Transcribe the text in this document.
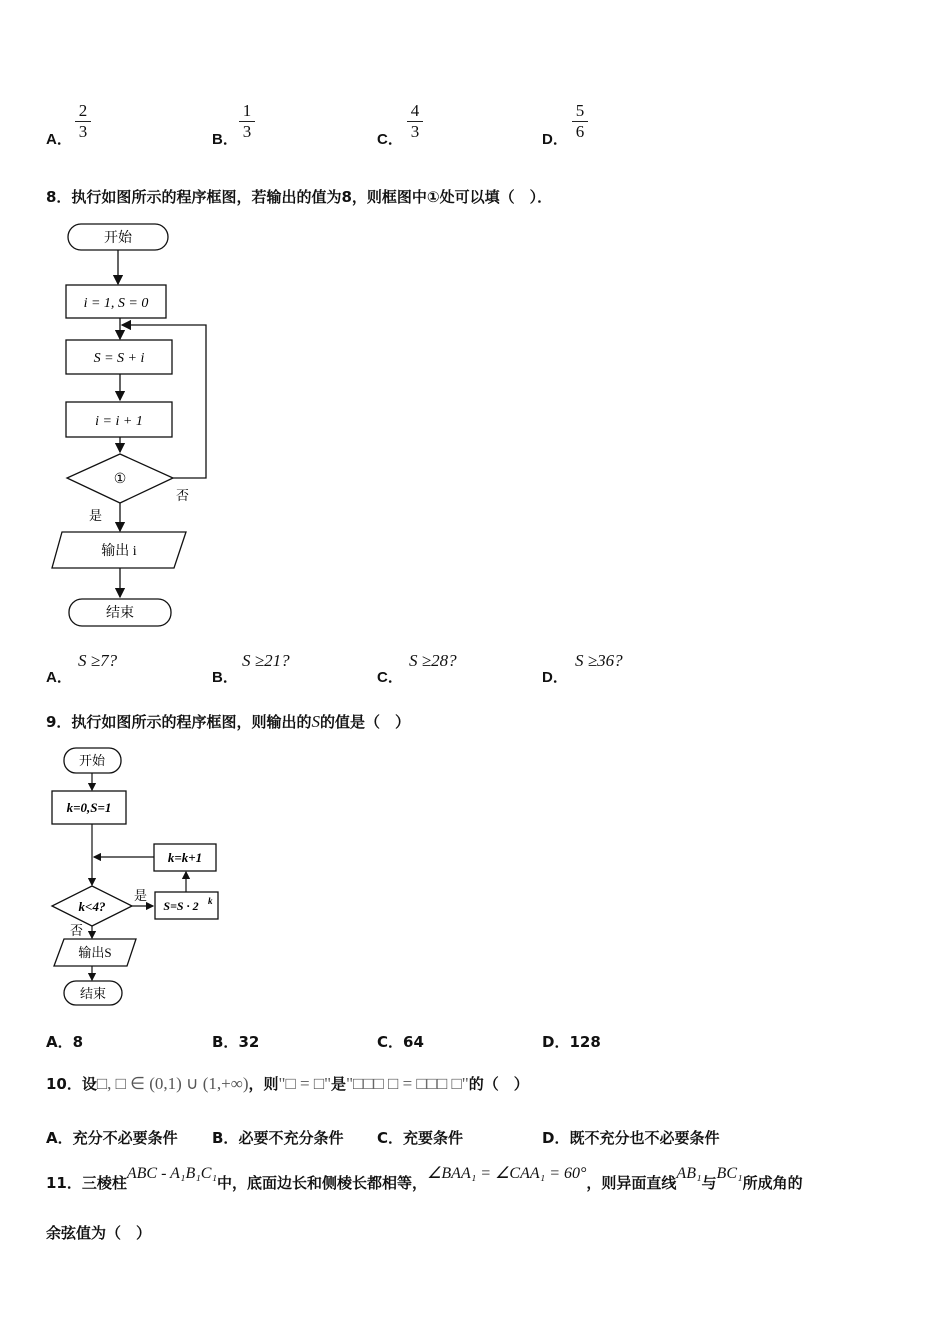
A． $\frac{2}{3}$	B． $\frac{1}{3}$	C． $\frac{4}{3}$	D． $\frac{5}{6}$
8．执行如图所示的程序框图，若输出的值为8，则框图中①处可以填（　）．
开始
i = 1, S = 0
S = S + i
i = i + 1
①
否
是
输出 i
结束
A．
S ≥7?
B．
S ≥21?
C．
S ≥28?
D．
S ≥36?
9．执行如图所示的程序框图，则输出的S的值是（　）
开始
k=0,S=1
k=k+1
k<4?
是
S=S · 2 k
否
输出S
结束
A．8	B．32	C．64	D．128
10．设□, □ ∈ (0,1) ∪ (1,+∞)，则"□ = □"是"□□□ □ = □□□ □"的（　）
A．充分不必要条件 B．必要不充分条件 C．充要条件	D．既不充分也不必要条件
11．三棱柱ABC - A₁B₁C₁中，底面边长和侧棱长都相等，∠BAA₁ = ∠CAA₁ = 60°，则异面直线AB₁与BC₁所成角的
余弦值为（　）
